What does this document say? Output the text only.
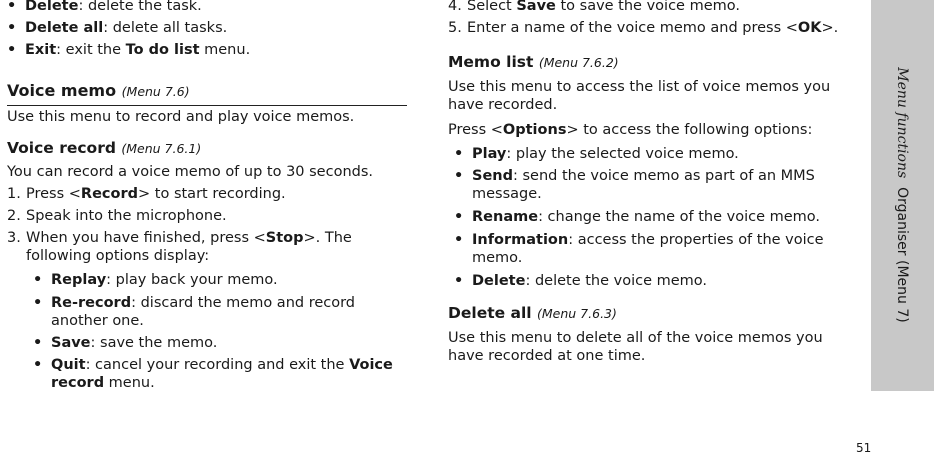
• Delete: delete the task.
• Delete all: delete all tasks.
• Exit: exit the To do list menu.
Voice memo (Menu 7.6)

Use this menu to record and play voice memos.

Voice record (Menu 7.6.1)

You can record a voice memo of up to 30 seconds.

1. Press <Record> to start recording.
2. Speak into the microphone.
3. When you have finished, press <Stop>. The following options display:
• Replay: play back your memo.
• Re-record: discard the memo and record another one.
• Save: save the memo.
• Quit: cancel your recording and exit the Voice record menu.
4. Select Save to save the voice memo.
5. Enter a name of the voice memo and press <OK>.
Memo list (Menu 7.6.2)

Use this menu to access the list of voice memos you have recorded.

Press <Options> to access the following options:

• Play: play the selected voice memo.
• Send: send the voice memo as part of an MMS message.
• Rename: change the name of the voice memo.
• Information: access the properties of the voice memo.
• Delete: delete the voice memo.
Delete all (Menu 7.6.3)

Use this menu to delete all of the voice memos you have recorded at one time.

Menu functions  Organiser (Menu 7)
51
